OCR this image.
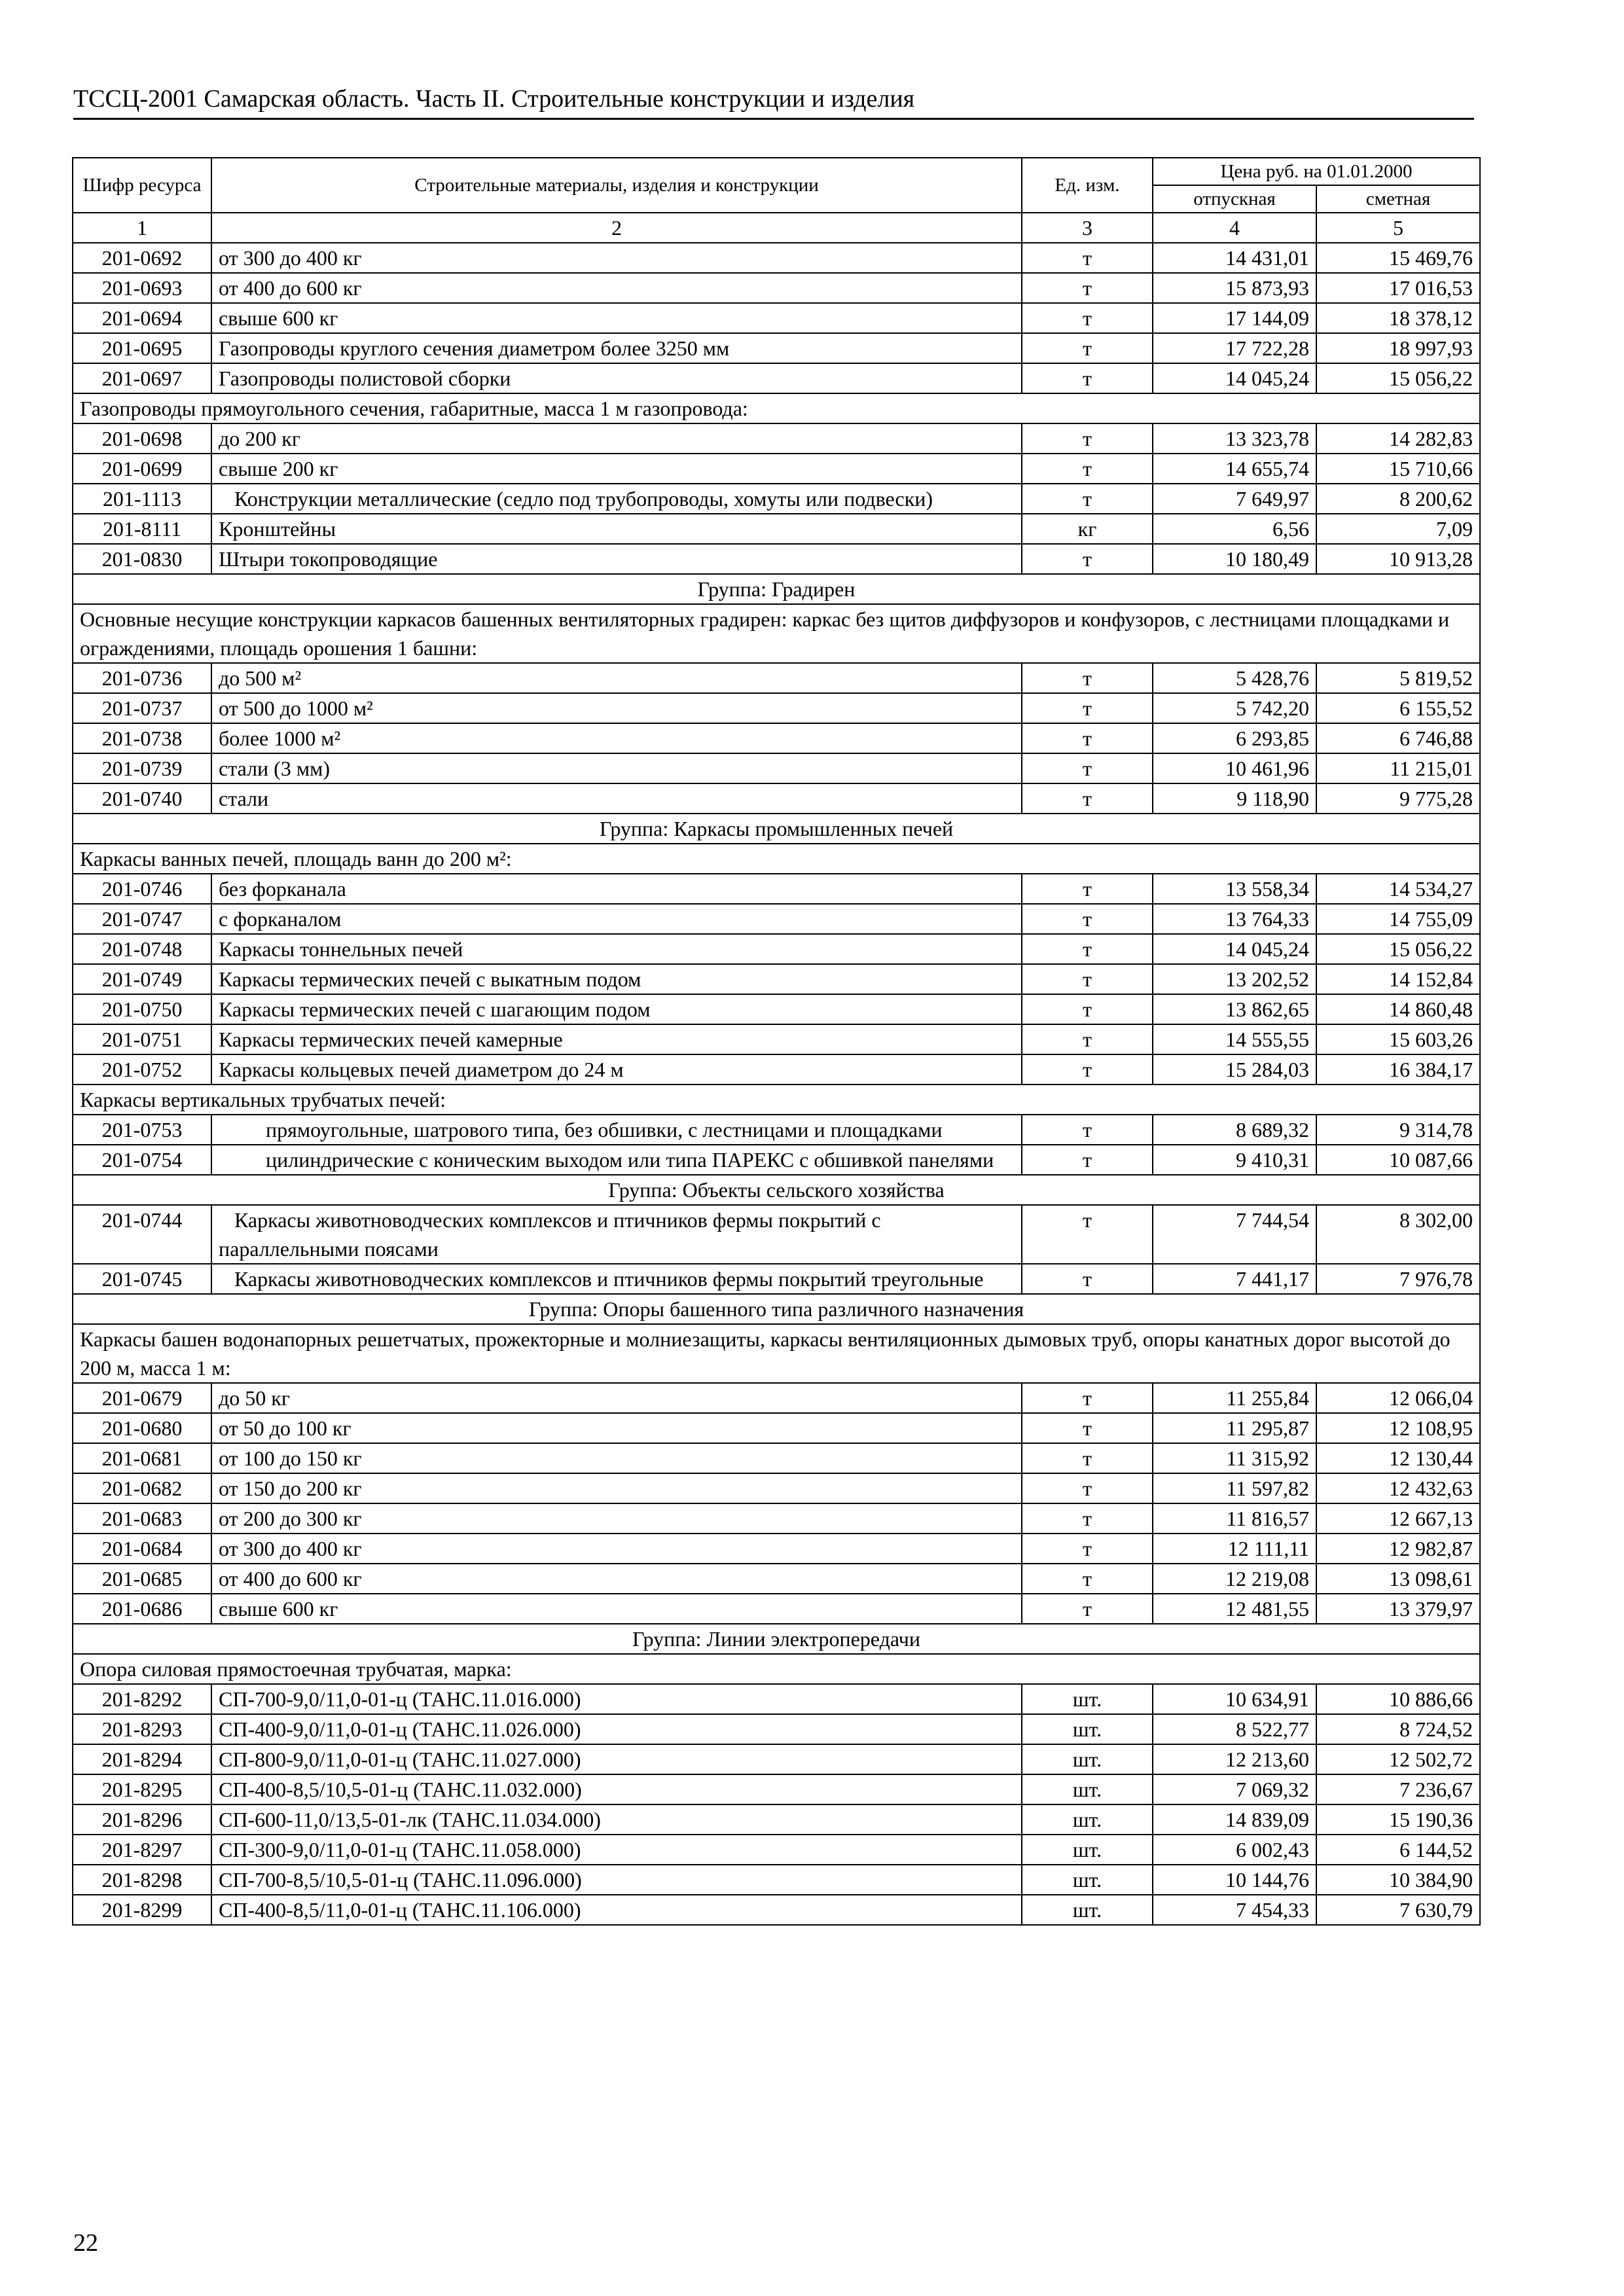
ТССЦ-2001 Самарская область. Часть II. Строительные конструкции и изделия
Шифр ресурса	Строительные материалы, изделия и конструкции	Ед. изм.	Цена руб. на 01.01.2000	
			отпускная	сметная
1	2	3	4	5
201-0692	от 300 до 400 кг	т	14 431,01	15 469,76
201-0693	от 400 до 600 кг	т	15 873,93	17 016,53
201-0694	свыше 600 кг	т	17 144,09	18 378,12
201-0695	Газопроводы круглого сечения диаметром более 3250 мм	т	17 722,28	18 997,93
201-0697	Газопроводы полистовой сборки	т	14 045,24	15 056,22
Газопроводы прямоугольного сечения, габаритные, масса 1 м газопровода:				
201-0698	до 200 кг	т	13 323,78	14 282,83
201-0699	свыше 200 кг	т	14 655,74	15 710,66
201-1113	Конструкции металлические (седло под трубопроводы, хомуты или подвески)	т	7 649,97	8 200,62
201-8111	Кронштейны	кг	6,56	7,09
201-0830	Штыри токопроводящие	т	10 180,49	10 913,28
Группа: Градирен				
Основные несущие конструкции каркасов башенных вентиляторных градирен: каркас без щитов диффузоров и конфузоров, с лестницами площадками и ограждениями, площадь орошения 1 башни:				
201-0736	до 500 м²	т	5 428,76	5 819,52
201-0737	от 500 до 1000 м²	т	5 742,20	6 155,52
201-0738	более 1000 м²	т	6 293,85	6 746,88
201-0739	стали (3 мм)	т	10 461,96	11 215,01
201-0740	стали	т	9 118,90	9 775,28
Группа: Каркасы промышленных печей				
Каркасы ванных печей, площадь ванн до 200 м²:				
201-0746	без форканала	т	13 558,34	14 534,27
201-0747	с форканалом	т	13 764,33	14 755,09
201-0748	Каркасы тоннельных печей	т	14 045,24	15 056,22
201-0749	Каркасы термических печей с выкатным подом	т	13 202,52	14 152,84
201-0750	Каркасы термических печей с шагающим подом	т	13 862,65	14 860,48
201-0751	Каркасы термических печей камерные	т	14 555,55	15 603,26
201-0752	Каркасы кольцевых печей диаметром до 24 м	т	15 284,03	16 384,17
Каркасы вертикальных трубчатых печей:				
201-0753	прямоугольные, шатрового типа, без обшивки, с лестницами и площадками	т	8 689,32	9 314,78
201-0754	цилиндрические с коническим выходом или типа ПАРЕКС с обшивкой панелями	т	9 410,31	10 087,66
Группа: Объекты сельского хозяйства				
201-0744	Каркасы животноводческих комплексов и птичников фермы покрытий с параллельными поясами	т	7 744,54	8 302,00
201-0745	Каркасы животноводческих комплексов и птичников фермы покрытий треугольные	т	7 441,17	7 976,78
Группа: Опоры башенного типа различного назначения				
Каркасы башен водонапорных решетчатых, прожекторные и молниезащиты, каркасы вентиляционных дымовых труб, опоры канатных дорог высотой до 200 м, масса 1 м:				
201-0679	до 50 кг	т	11 255,84	12 066,04
201-0680	от 50 до 100 кг	т	11 295,87	12 108,95
201-0681	от 100 до 150 кг	т	11 315,92	12 130,44
201-0682	от 150 до 200 кг	т	11 597,82	12 432,63
201-0683	от 200 до 300 кг	т	11 816,57	12 667,13
201-0684	от 300 до 400 кг	т	12 111,11	12 982,87
201-0685	от 400 до 600 кг	т	12 219,08	13 098,61
201-0686	свыше 600 кг	т	12 481,55	13 379,97
Группа: Линии электропередачи				
Опора силовая прямостоечная трубчатая, марка:				
201-8292	СП-700-9,0/11,0-01-ц (ТАНС.11.016.000)	шт.	10 634,91	10 886,66
201-8293	СП-400-9,0/11,0-01-ц (ТАНС.11.026.000)	шт.	8 522,77	8 724,52
201-8294	СП-800-9,0/11,0-01-ц (ТАНС.11.027.000)	шт.	12 213,60	12 502,72
201-8295	СП-400-8,5/10,5-01-ц (ТАНС.11.032.000)	шт.	7 069,32	7 236,67
201-8296	СП-600-11,0/13,5-01-лк (ТАНС.11.034.000)	шт.	14 839,09	15 190,36
201-8297	СП-300-9,0/11,0-01-ц (ТАНС.11.058.000)	шт.	6 002,43	6 144,52
201-8298	СП-700-8,5/10,5-01-ц (ТАНС.11.096.000)	шт.	10 144,76	10 384,90
201-8299	СП-400-8,5/11,0-01-ц (ТАНС.11.106.000)	шт.	7 454,33	7 630,79
22
